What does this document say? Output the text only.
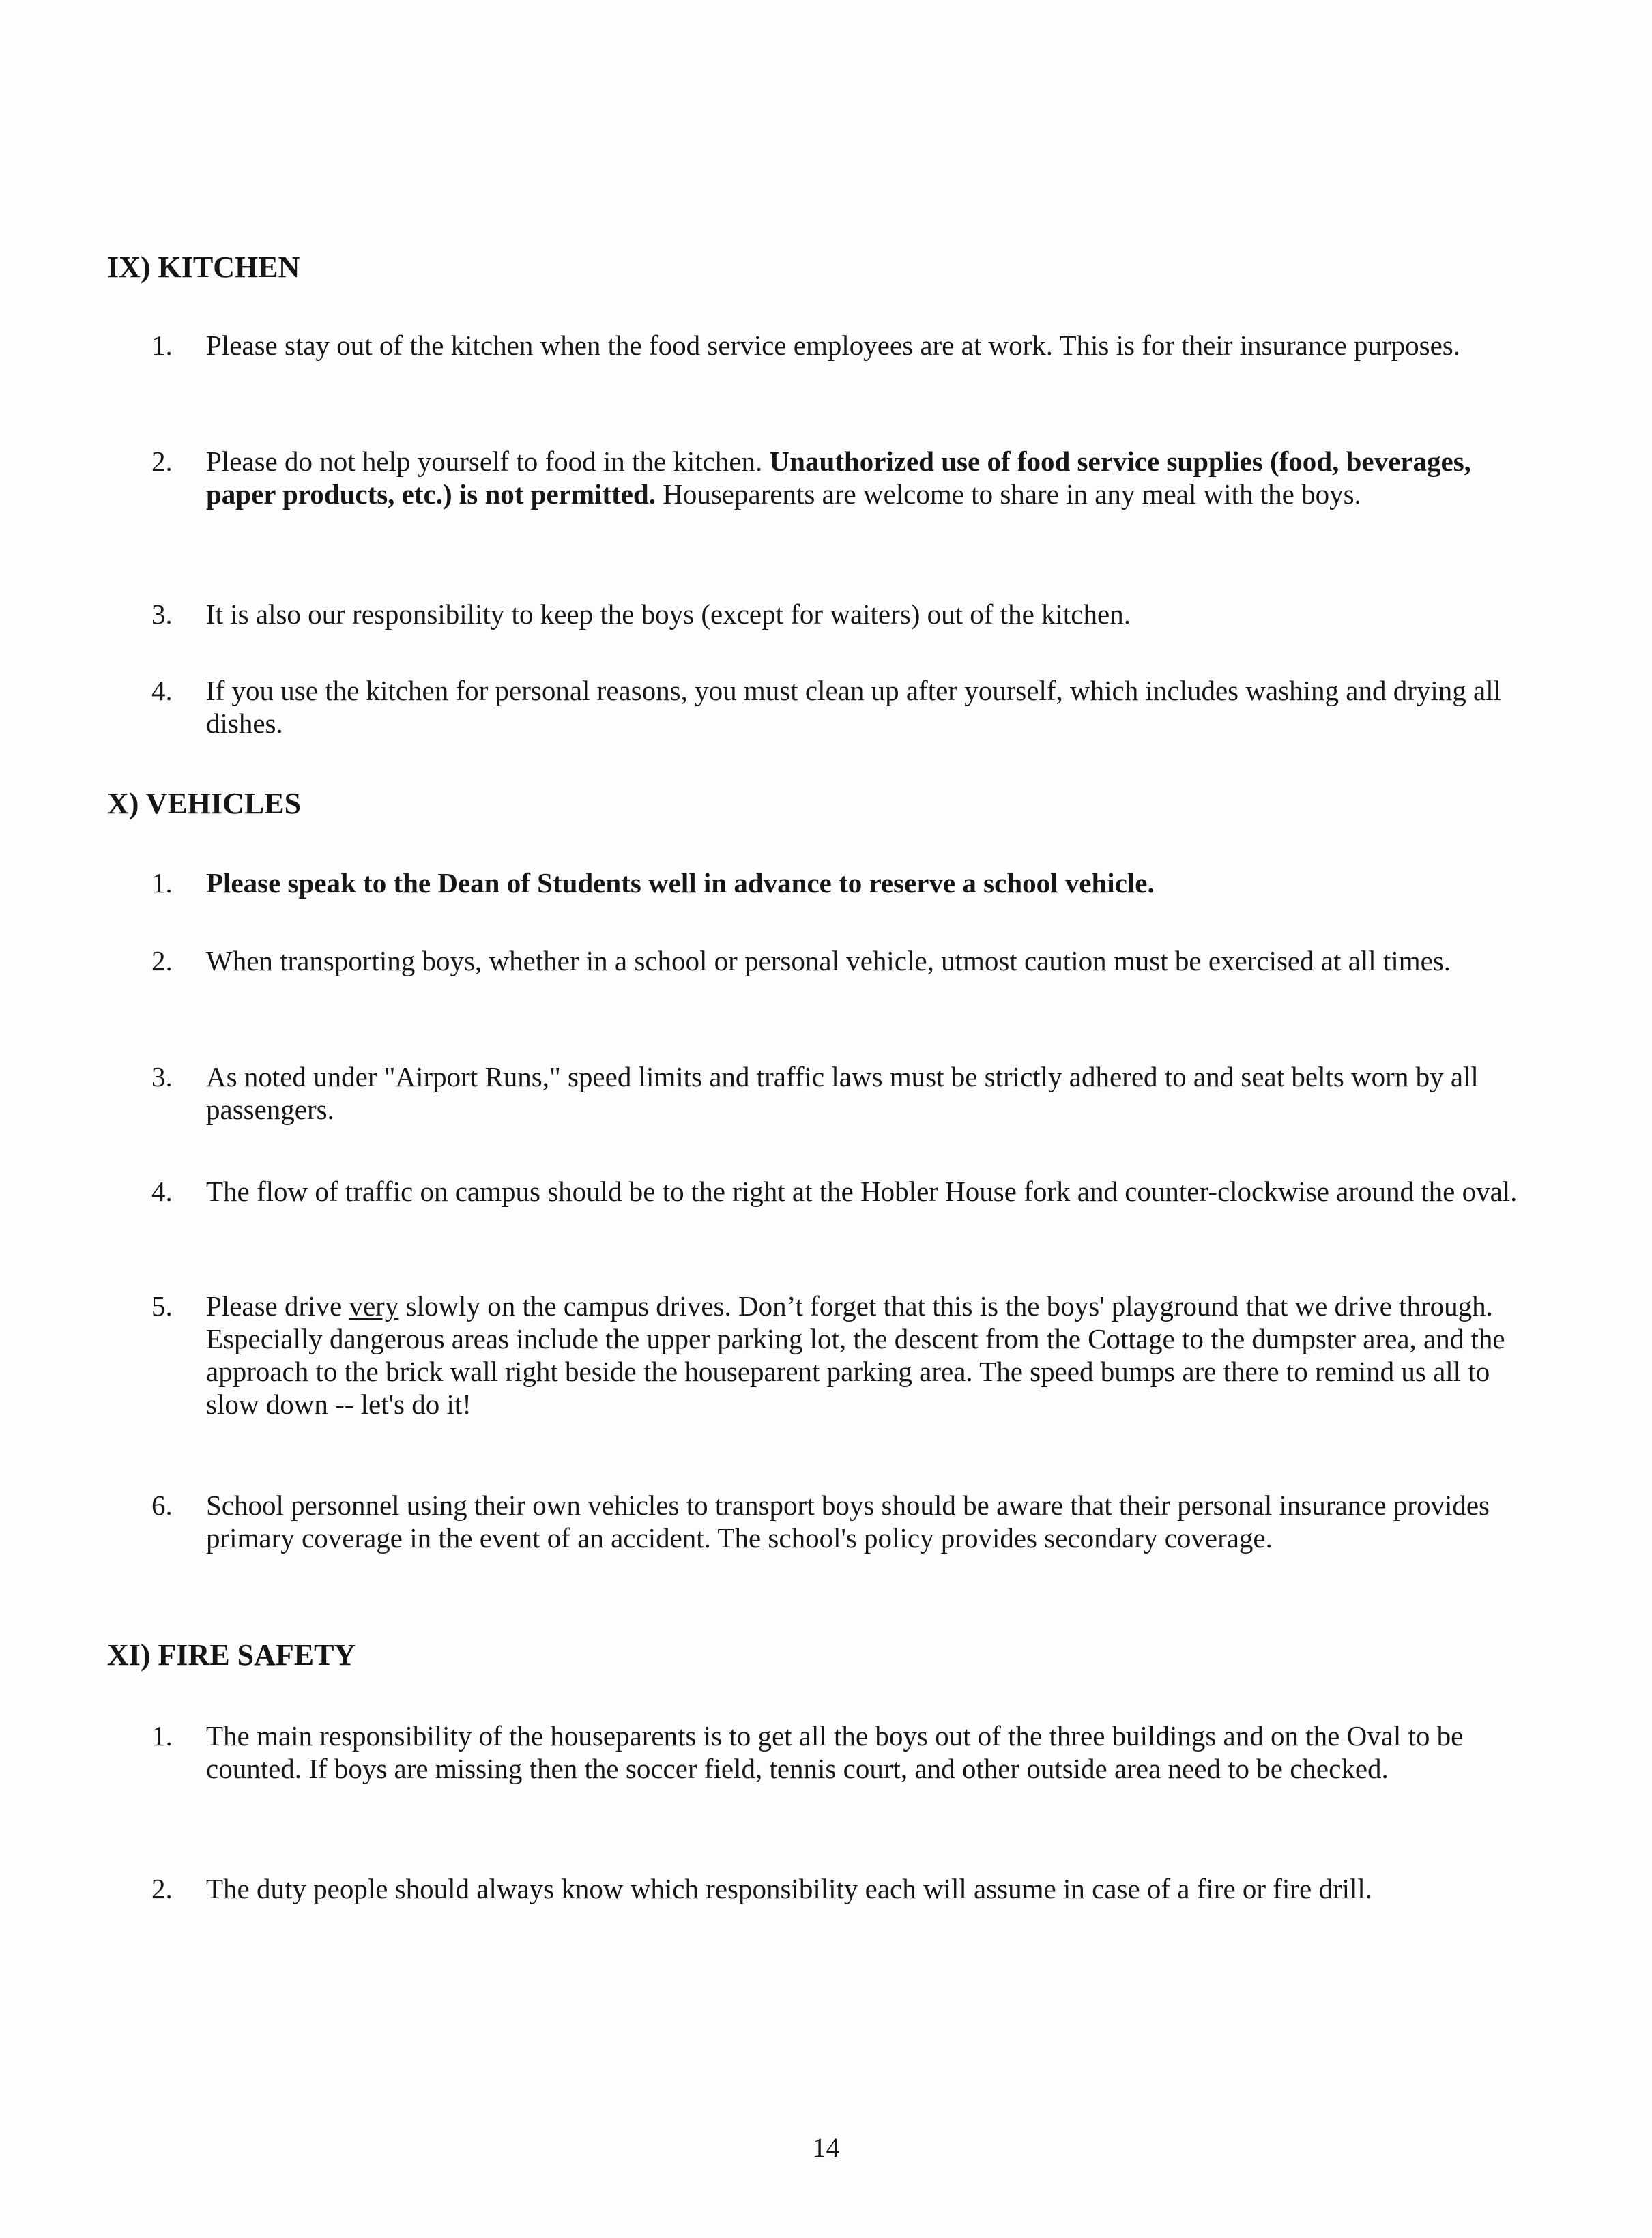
IX) KITCHEN
1.	Please stay out of the kitchen when the food service employees are at work. This is for their insurance purposes.
2.	Please do not help yourself to food in the kitchen. Unauthorized use of food service supplies (food, beverages, paper products, etc.) is not permitted. Houseparents are welcome to share in any meal with the boys.
3.	It is also our responsibility to keep the boys (except for waiters) out of the kitchen.
4.	If you use the kitchen for personal reasons, you must clean up after yourself, which includes washing and drying all dishes.
X) VEHICLES
1.	Please speak to the Dean of Students well in advance to reserve a school vehicle.
2.	When transporting boys, whether in a school or personal vehicle, utmost caution must be exercised at all times.
3.	As noted under "Airport Runs," speed limits and traffic laws must be strictly adhered to and seat belts worn by all passengers.
4.	The flow of traffic on campus should be to the right at the Hobler House fork and counter-clockwise around the oval.
5.	Please drive very slowly on the campus drives. Don’t forget that this is the boys' playground that we drive through. Especially dangerous areas include the upper parking lot, the descent from the Cottage to the dumpster area, and the approach to the brick wall right beside the houseparent parking area. The speed bumps are there to remind us all to slow down -- let's do it!
6.	School personnel using their own vehicles to transport boys should be aware that their personal insurance provides primary coverage in the event of an accident. The school's policy provides secondary coverage.
XI) FIRE SAFETY
1.	The main responsibility of the houseparents is to get all the boys out of the three buildings and on the Oval to be counted. If boys are missing then the soccer field, tennis court, and other outside area need to be checked.
2.	The duty people should always know which responsibility each will assume in case of a fire or fire drill.
14
